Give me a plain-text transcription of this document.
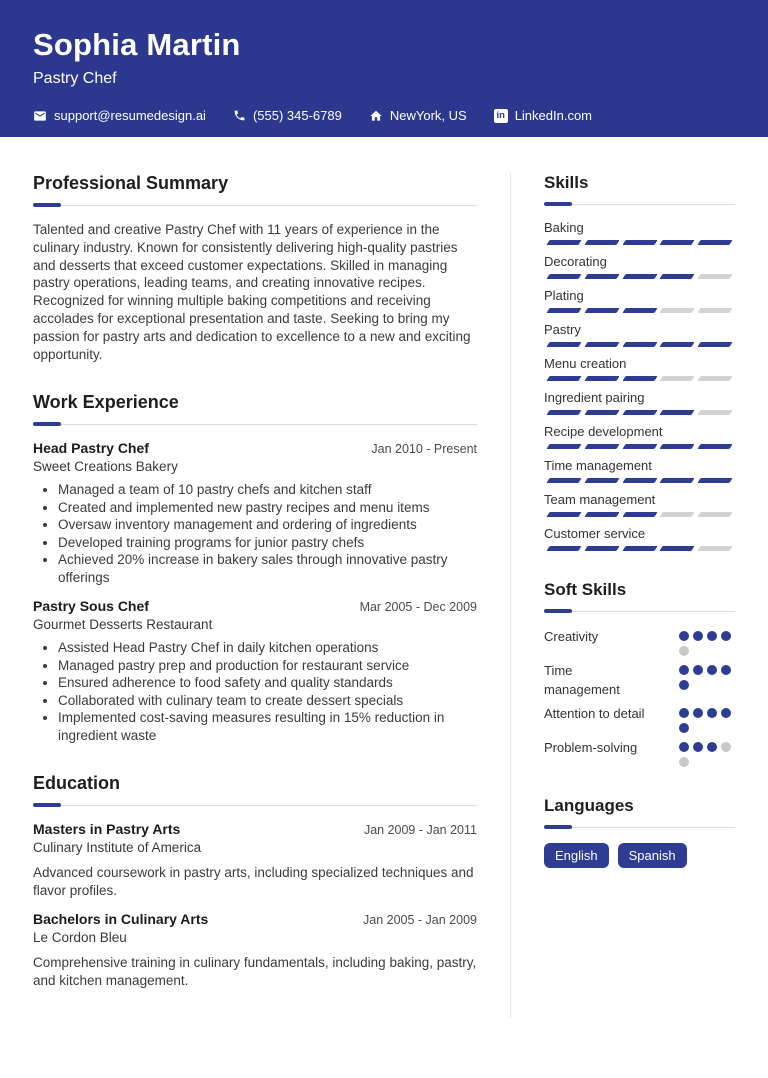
Sophia Martin
Pastry Chef
support@resumedesign.ai	(555) 345-6789	NewYork, US	in LinkedIn.com
Professional Summary
Talented and creative Pastry Chef with 11 years of experience in the culinary industry. Known for consistently delivering high-quality pastries and desserts that exceed customer expectations. Skilled in managing pastry operations, leading teams, and creating innovative recipes. Recognized for winning multiple baking competitions and receiving accolades for exceptional presentation and taste. Seeking to bring my passion for pastry arts and dedication to excellence to a new and exciting opportunity.
Work Experience
Head Pastry Chef	Jan 2010 - Present
Sweet Creations Bakery
• Managed a team of 10 pastry chefs and kitchen staff
• Created and implemented new pastry recipes and menu items
• Oversaw inventory management and ordering of ingredients
• Developed training programs for junior pastry chefs
• Achieved 20% increase in bakery sales through innovative pastry offerings
Pastry Sous Chef	Mar 2005 - Dec 2009
Gourmet Desserts Restaurant
• Assisted Head Pastry Chef in daily kitchen operations
• Managed pastry prep and production for restaurant service
• Ensured adherence to food safety and quality standards
• Collaborated with culinary team to create dessert specials
• Implemented cost-saving measures resulting in 15% reduction in ingredient waste
Education
Masters in Pastry Arts	Jan 2009 - Jan 2011
Culinary Institute of America
Advanced coursework in pastry arts, including specialized techniques and flavor profiles.
Bachelors in Culinary Arts	Jan 2005 - Jan 2009
Le Cordon Bleu
Comprehensive training in culinary fundamentals, including baking, pastry, and kitchen management.
Skills
Baking
Decorating
Plating
Pastry
Menu creation
Ingredient pairing
Recipe development
Time management
Team management
Customer service
Soft Skills
Creativity
Time management
Attention to detail
Problem-solving
Languages
English	Spanish
